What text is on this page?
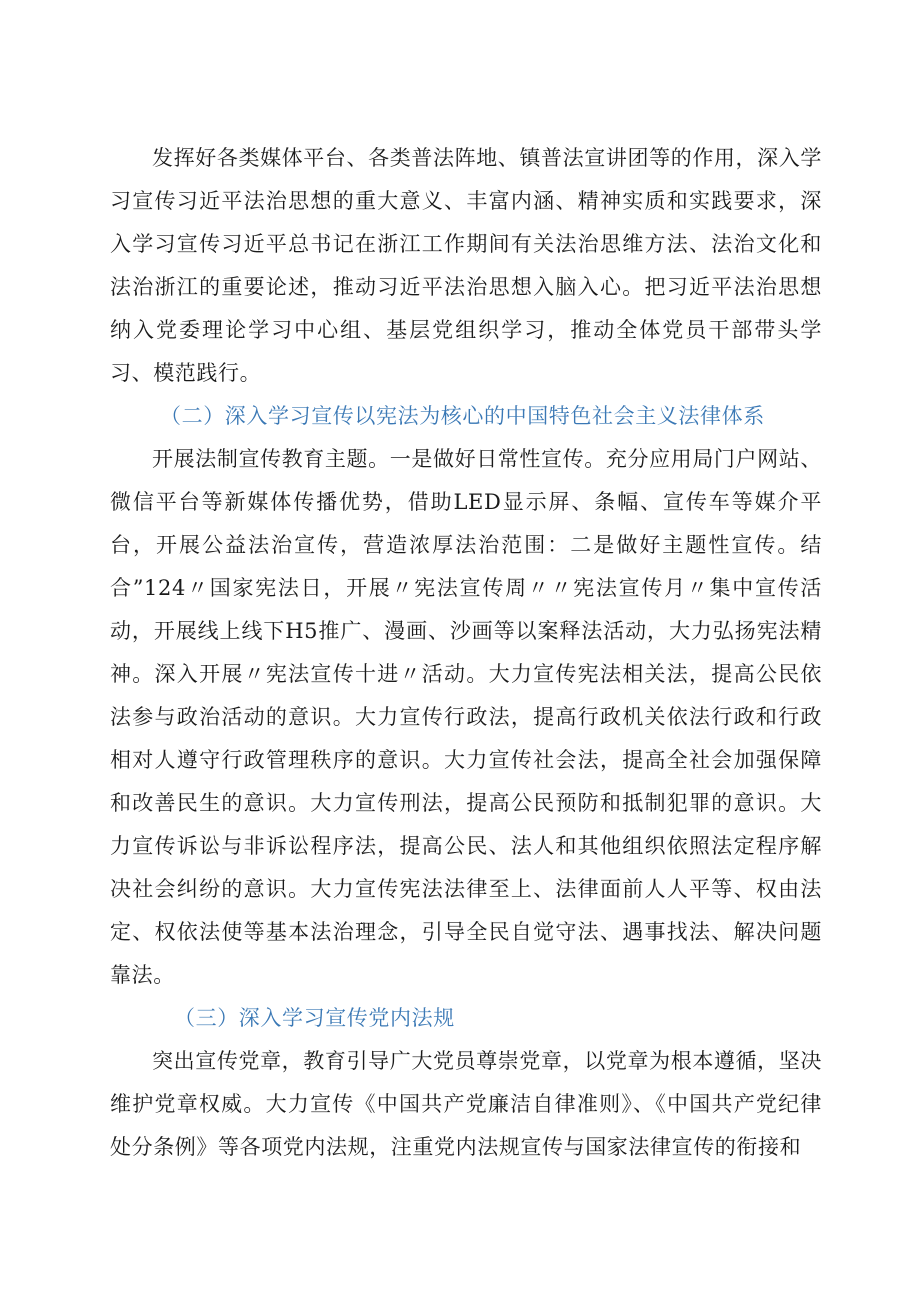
发挥好各类媒体平台、各类普法阵地、镇普法宣讲团等的作用，深入学习宣传习近平法治思想的重大意义、丰富内涵、精神实质和实践要求，深入学习宣传习近平总书记在浙江工作期间有关法治思维方法、法治文化和法治浙江的重要论述，推动习近平法治思想入脑入心。把习近平法治思想纳入党委理论学习中心组、基层党组织学习，推动全体党员干部带头学习、模范践行。

（二）深入学习宣传以宪法为核心的中国特色社会主义法律体系

开展法制宣传教育主题。一是做好日常性宣传。充分应用局门户网站、微信平台等新媒体传播优势，借助LED显示屏、条幅、宣传车等媒介平台，开展公益法治宣传，营造浓厚法治范围：二是做好主题性宣传。结合”124〃国家宪法日，开展〃宪法宣传周〃〃宪法宣传月〃集中宣传活动，开展线上线下H5推广、漫画、沙画等以案释法活动，大力弘扬宪法精神。深入开展〃宪法宣传十进〃活动。大力宣传宪法相关法，提高公民依法参与政治活动的意识。大力宣传行政法，提高行政机关依法行政和行政相对人遵守行政管理秩序的意识。大力宣传社会法，提高全社会加强保障和改善民生的意识。大力宣传刑法，提高公民预防和抵制犯罪的意识。大力宣传诉讼与非诉讼程序法，提高公民、法人和其他组织依照法定程序解决社会纠纷的意识。大力宣传宪法法律至上、法律面前人人平等、权由法定、权依法使等基本法治理念，引导全民自觉守法、遇事找法、解决问题靠法。

（三）深入学习宣传党内法规

突出宣传党章，教育引导广大党员尊崇党章，以党章为根本遵循，坚决维护党章权威。大力宣传《中国共产党廉洁自律准则》、《中国共产党纪律处分条例》等各项党内法规，注重党内法规宣传与国家法律宣传的衔接和
